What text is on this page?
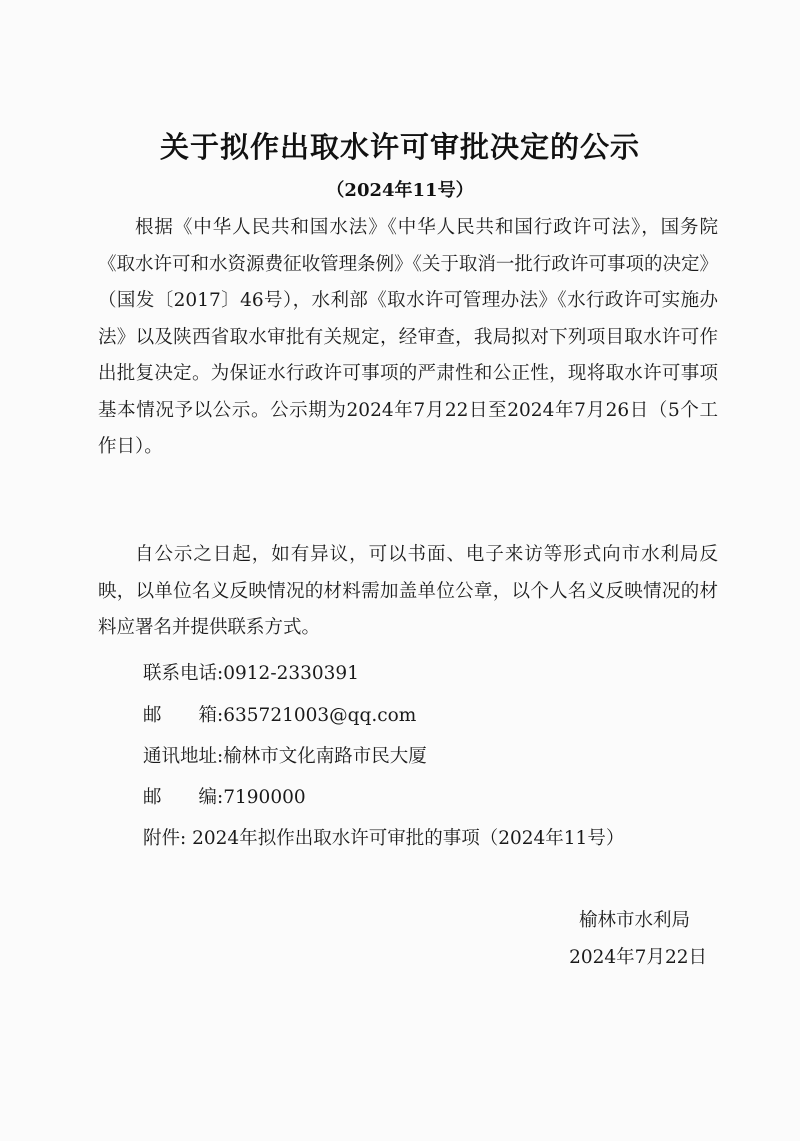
关于拟作出取水许可审批决定的公示
（2024年11号）

根据《中华人民共和国水法》《中华人民共和国行政许可法》，国务院《取水许可和水资源费征收管理条例》《关于取消一批行政许可事项的决定》（国发〔2017〕46号），水利部《取水许可管理办法》《水行政许可实施办法》以及陕西省取水审批有关规定，经审查，我局拟对下列项目取水许可作出批复决定。为保证水行政许可事项的严肃性和公正性，现将取水许可事项基本情况予以公示。公示期为2024年7月22日至2024年7月26日（5个工作日）。

自公示之日起，如有异议，可以书面、电子来访等形式向市水利局反映，以单位名义反映情况的材料需加盖单位公章，以个人名义反映情况的材料应署名并提供联系方式。

联系电话:0912-2330391
邮　　箱:635721003@qq.com
通讯地址:榆林市文化南路市民大厦
邮　　编:7190000
附件: 2024年拟作出取水许可审批的事项（2024年11号）
榆林市水利局
2024年7月22日
